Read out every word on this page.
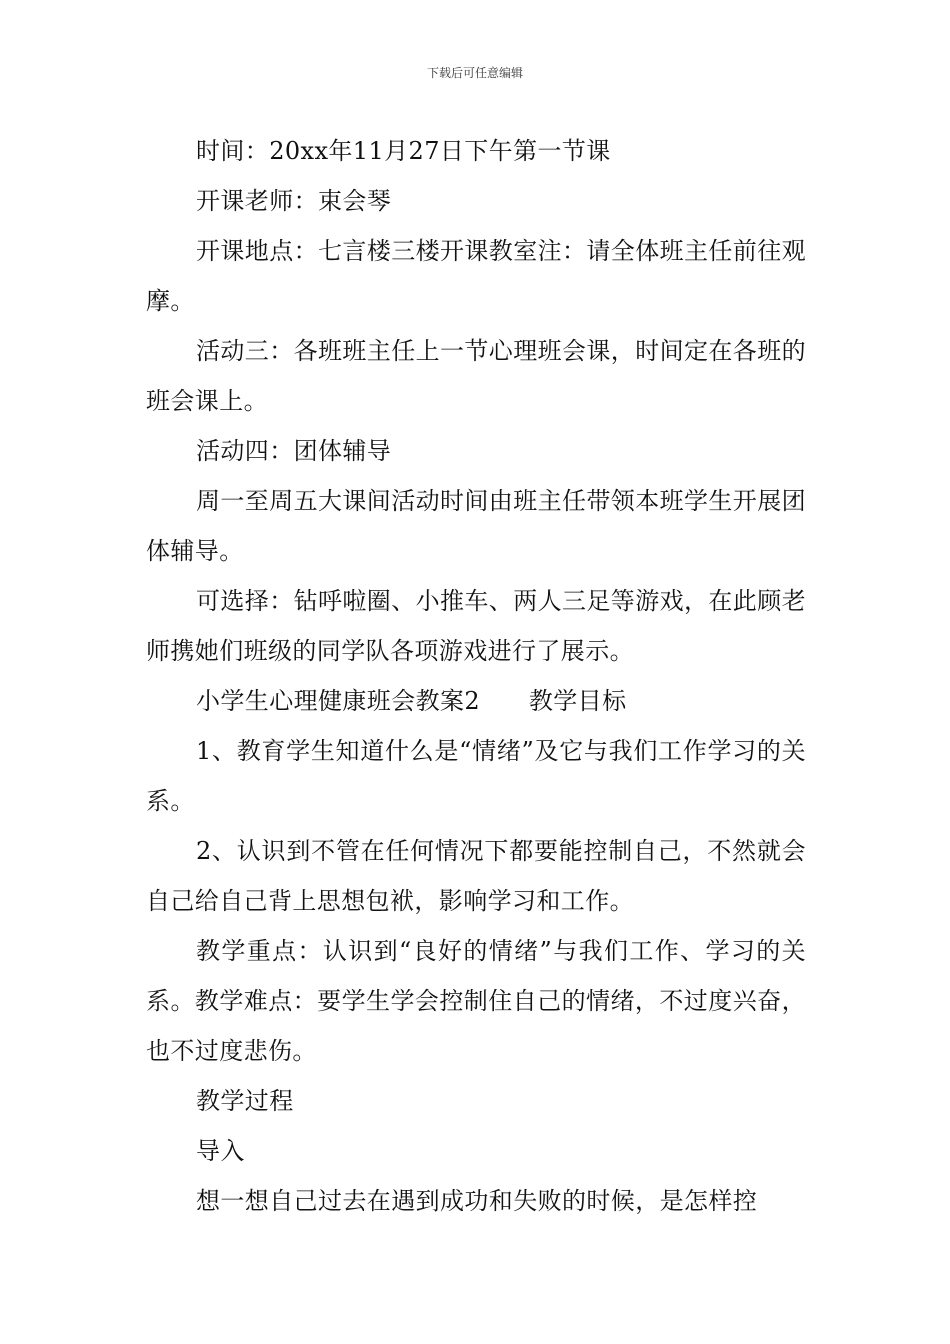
下载后可任意编辑

时间：20xx年11月27日下午第一节课

开课老师：束会琴

开课地点：七言楼三楼开课教室注：请全体班主任前往观摩。

活动三：各班班主任上一节心理班会课，时间定在各班的班会课上。

活动四：团体辅导

周一至周五大课间活动时间由班主任带领本班学生开展团体辅导。

可选择：钻呼啦圈、小推车、两人三足等游戏，在此顾老师携她们班级的同学队各项游戏进行了展示。

小学生心理健康班会教案2　　教学目标

1、教育学生知道什么是“情绪”及它与我们工作学习的关系。

2、认识到不管在任何情况下都要能控制自己，不然就会自己给自己背上思想包袱，影响学习和工作。

教学重点：认识到“良好的情绪”与我们工作、学习的关系。教学难点：要学生学会控制住自己的情绪，不过度兴奋，也不过度悲伤。

教学过程

导入

想一想自己过去在遇到成功和失败的时候，是怎样控
